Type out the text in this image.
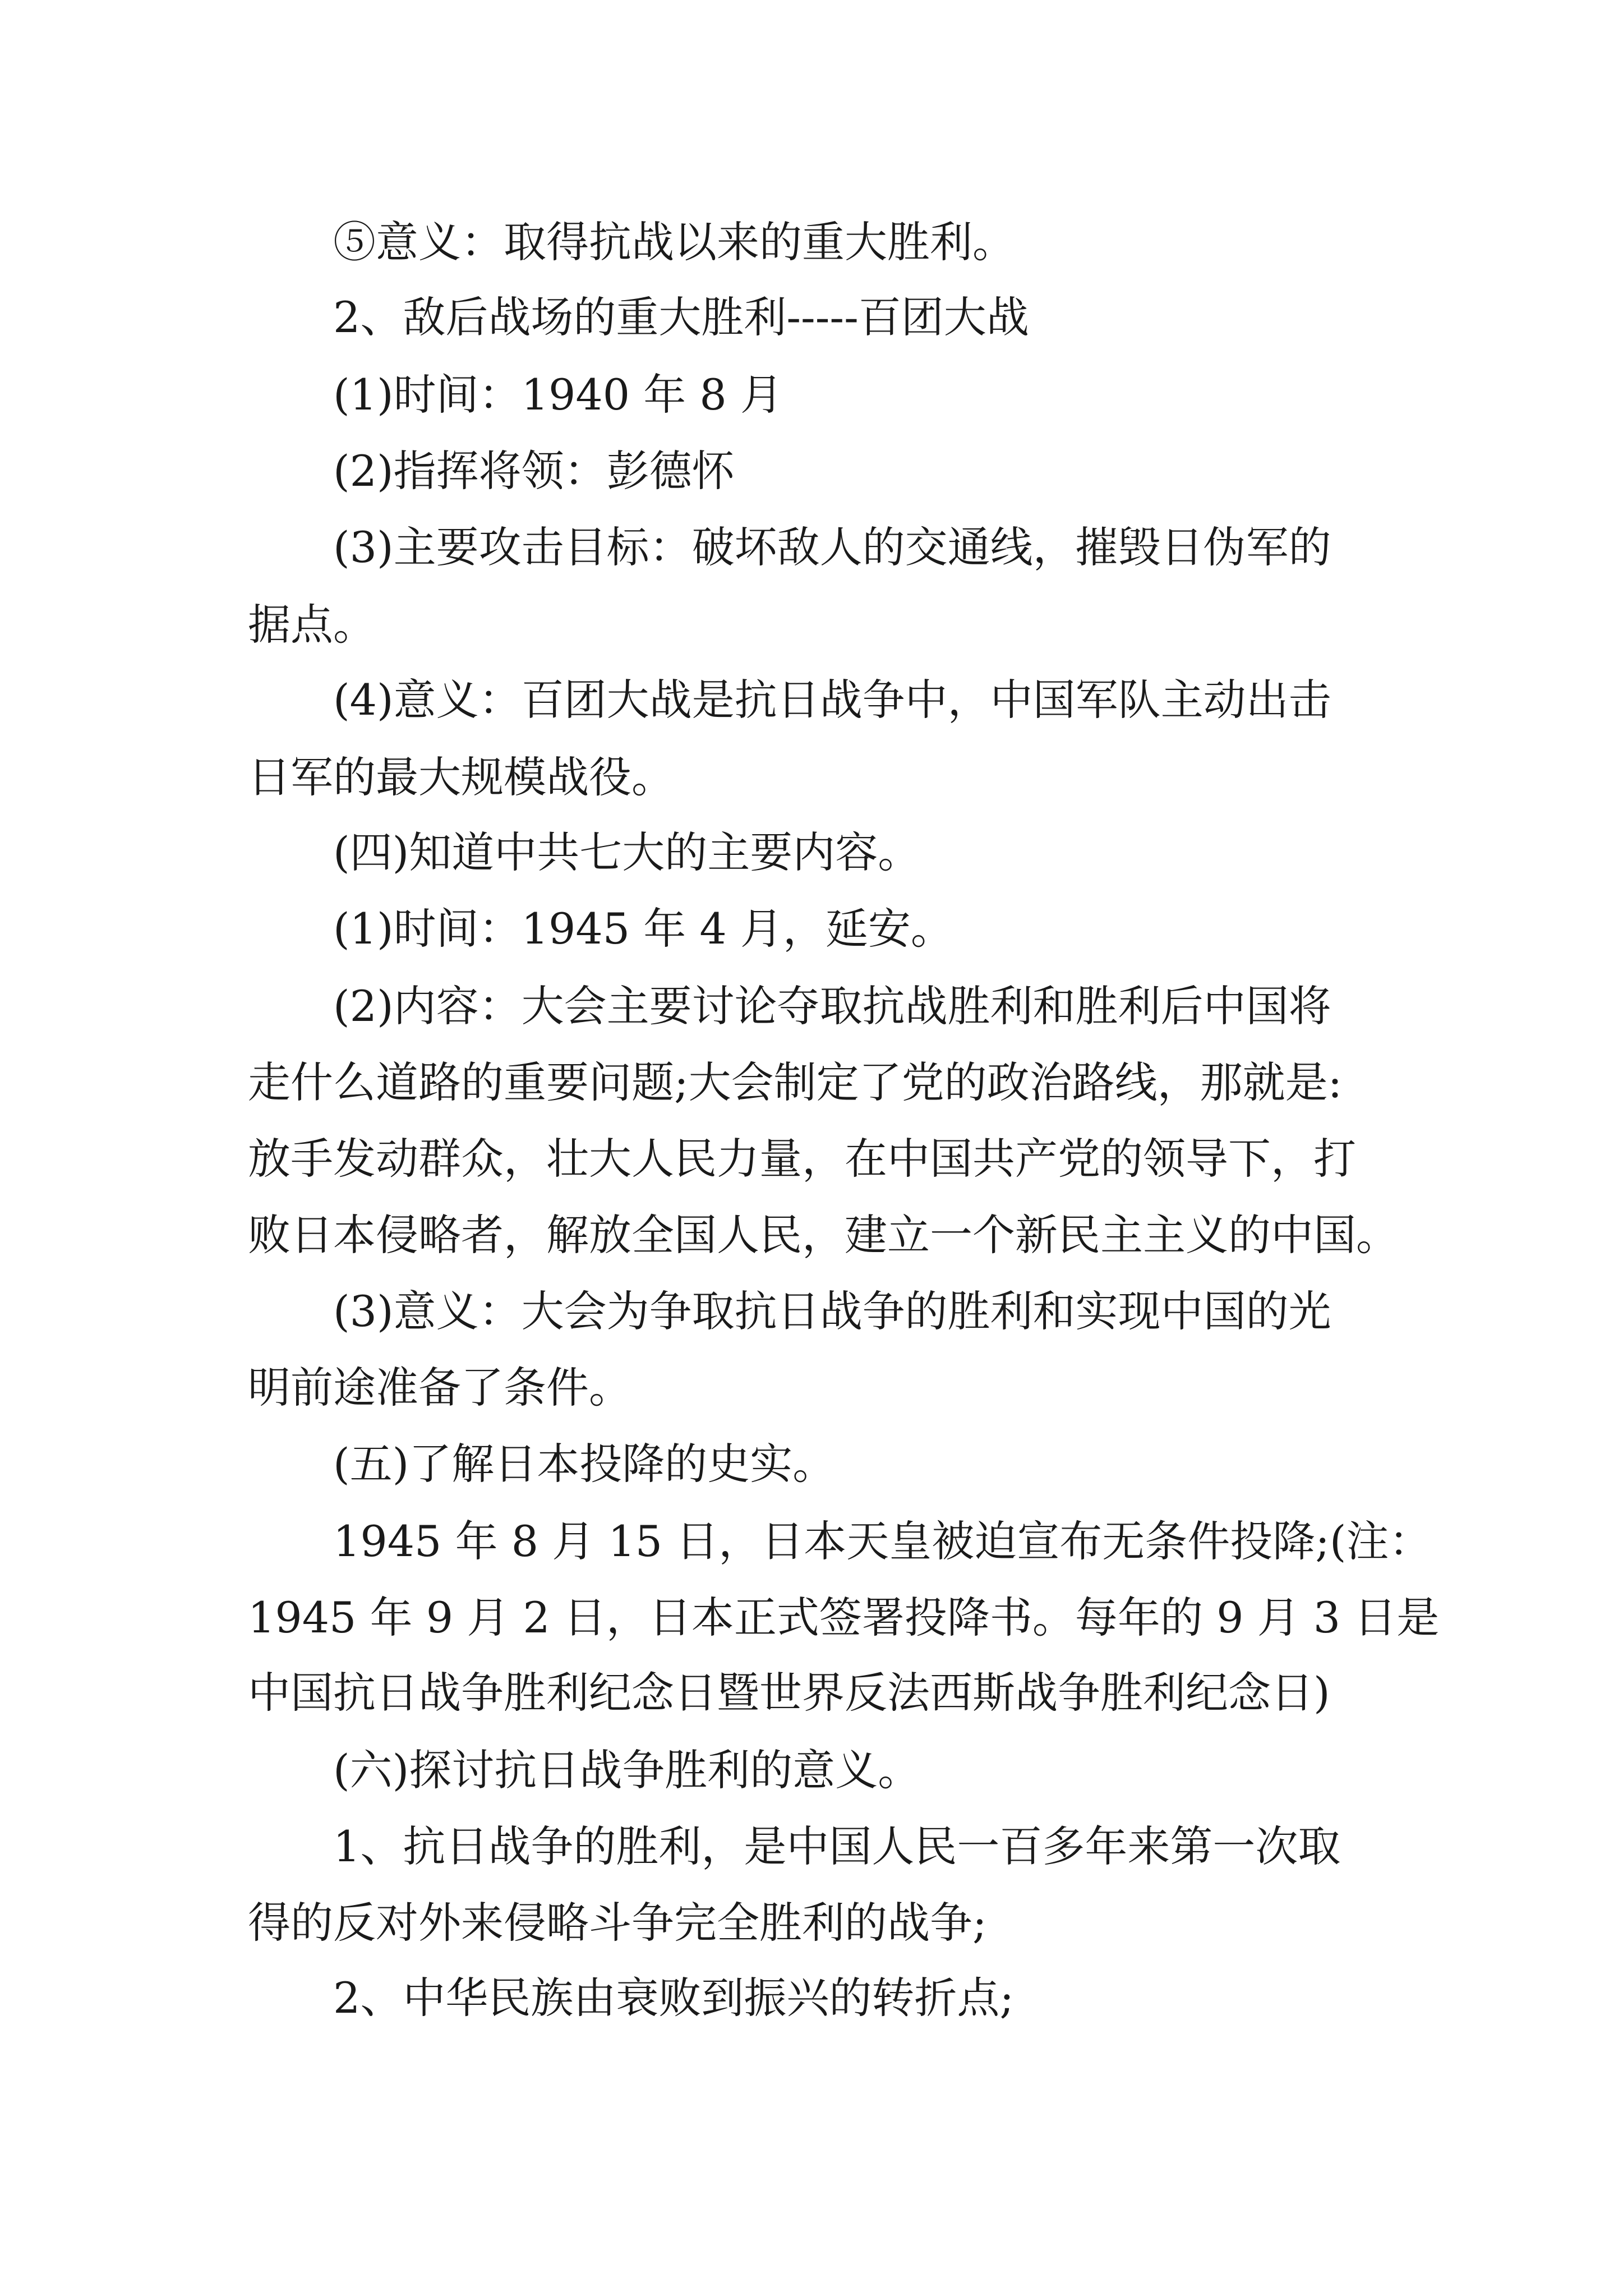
⑤意义：取得抗战以来的重大胜利。
2、敌后战场的重大胜利-----百团大战
(1)时间：1940 年 8 月
(2)指挥将领：彭德怀
(3)主要攻击目标：破坏敌人的交通线，摧毁日伪军的
据点。
(4)意义：百团大战是抗日战争中，中国军队主动出击
日军的最大规模战役。
(四)知道中共七大的主要内容。
(1)时间：1945 年 4 月，延安。
(2)内容：大会主要讨论夺取抗战胜利和胜利后中国将
走什么道路的重要问题;大会制定了党的政治路线，那就是:
放手发动群众，壮大人民力量，在中国共产党的领导下，打
败日本侵略者，解放全国人民，建立一个新民主主义的中国。
(3)意义：大会为争取抗日战争的胜利和实现中国的光
明前途准备了条件。
(五)了解日本投降的史实。
1945 年 8 月 15 日，日本天皇被迫宣布无条件投降;(注：
1945 年 9 月 2 日，日本正式签署投降书。每年的 9 月 3 日是
中国抗日战争胜利纪念日暨世界反法西斯战争胜利纪念日)
(六)探讨抗日战争胜利的意义。
1、抗日战争的胜利，是中国人民一百多年来第一次取
得的反对外来侵略斗争完全胜利的战争;
2、中华民族由衰败到振兴的转折点;
